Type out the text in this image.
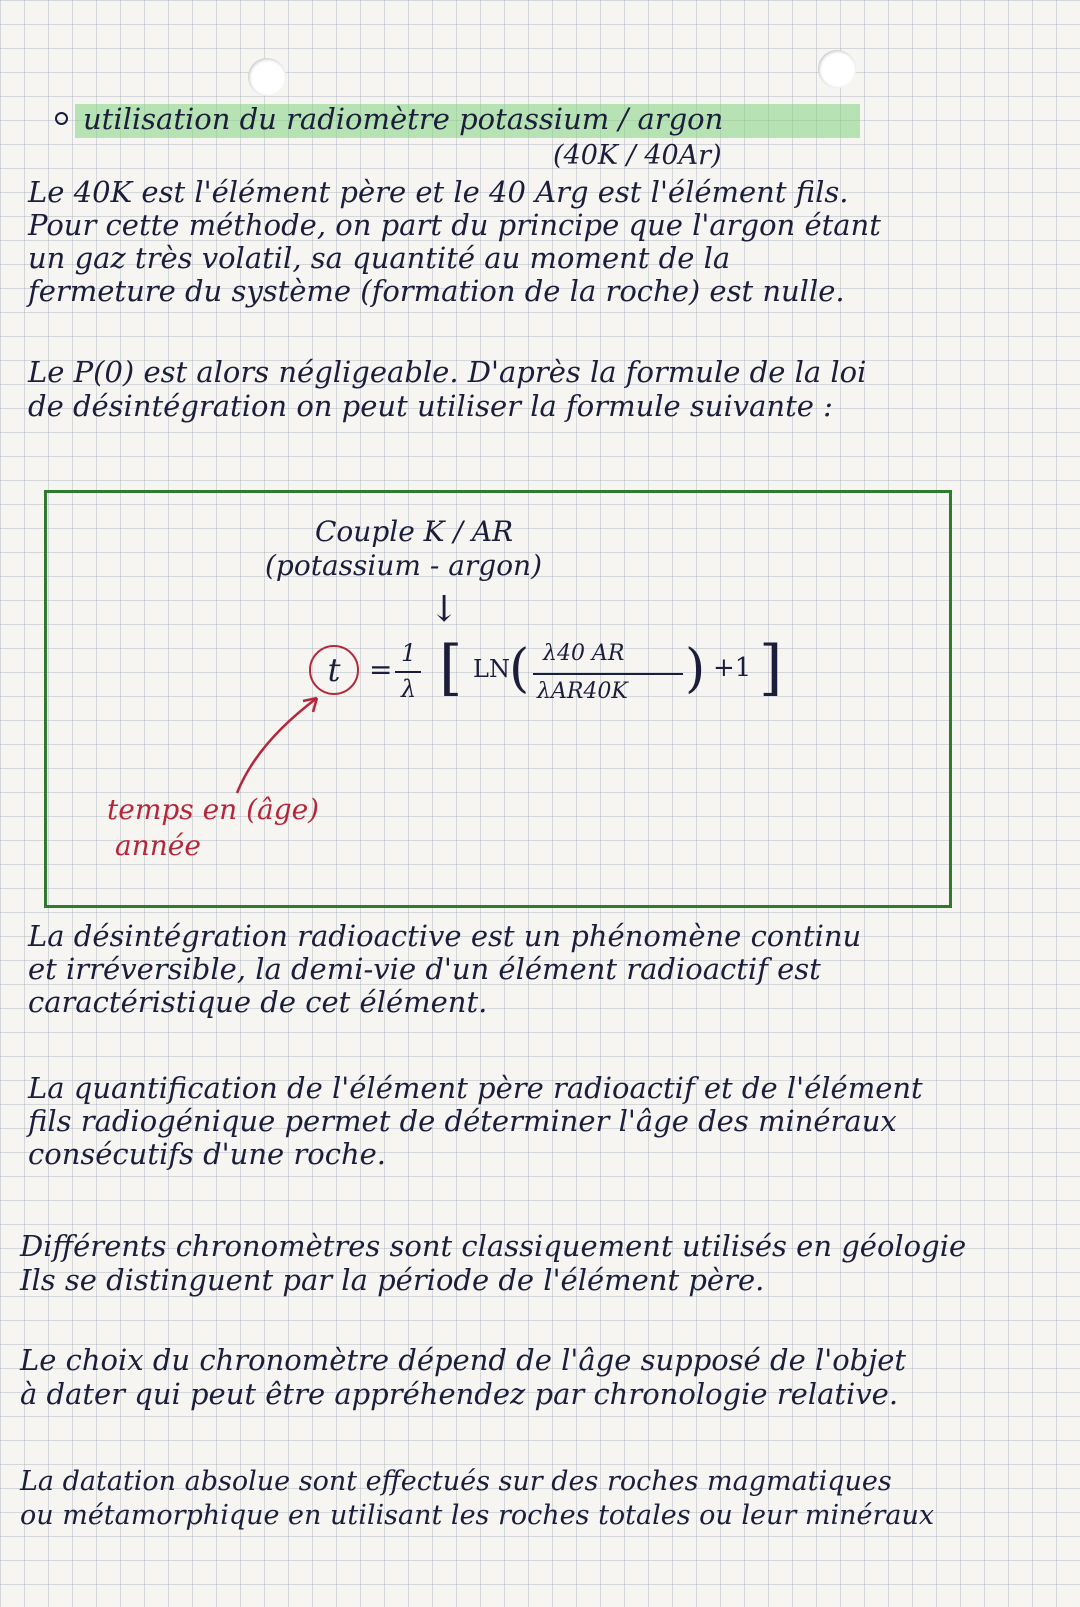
utilisation du radiomètre potassium / argon
(40K / 40Ar)
Le 40K est l'élément père et le 40 Arg est l'élément fils.
Pour cette méthode, on part du principe que l'argon étant
un gaz très volatil, sa quantité au moment de la
fermeture du système (formation de la roche) est nulle.
Le P(0) est alors négligeable. D'après la formule de la loi
de désintégration on peut utiliser la formule suivante :
Couple K / AR
(potassium - argon)
↓
t	= 1
λ [ LN ( λ40 AR
λAR40K ) +1 ]
temps en (âge)
année
La désintégration radioactive est un phénomène continu
et irréversible, la demi-vie d'un élément radioactif est
caractéristique de cet élément.
La quantification de l'élément père radioactif et de l'élément
fils radiogénique permet de déterminer l'âge des minéraux
consécutifs d'une roche.
Différents chronomètres sont classiquement utilisés en géologie
Ils se distinguent par la période de l'élément père.
Le choix du chronomètre dépend de l'âge supposé de l'objet
à dater qui peut être appréhendez par chronologie relative.
La datation absolue sont effectués sur des roches magmatiques
ou métamorphique en utilisant les roches totales ou leur minéraux
